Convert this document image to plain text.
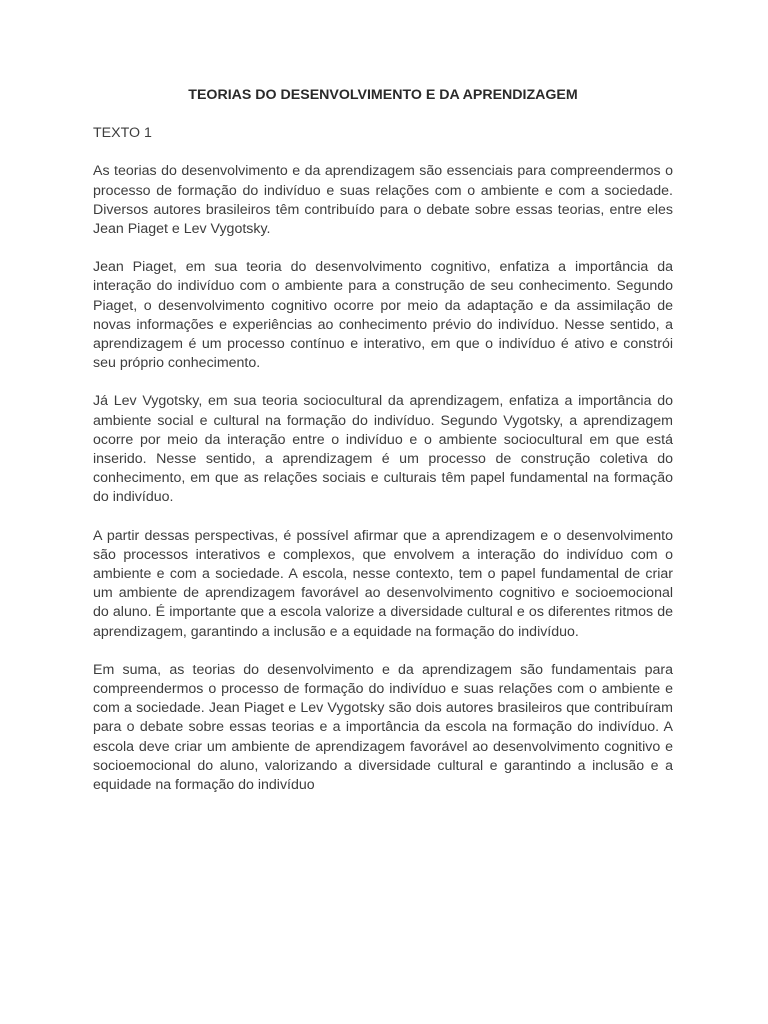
TEORIAS DO DESENVOLVIMENTO E DA APRENDIZAGEM

TEXTO 1

As teorias do desenvolvimento e da aprendizagem são essenciais para compreendermos o processo de formação do indivíduo e suas relações com o ambiente e com a sociedade. Diversos autores brasileiros têm contribuído para o debate sobre essas teorias, entre eles Jean Piaget e Lev Vygotsky.

Jean Piaget, em sua teoria do desenvolvimento cognitivo, enfatiza a importância da interação do indivíduo com o ambiente para a construção de seu conhecimento. Segundo Piaget, o desenvolvimento cognitivo ocorre por meio da adaptação e da assimilação de novas informações e experiências ao conhecimento prévio do indivíduo. Nesse sentido, a aprendizagem é um processo contínuo e interativo, em que o indivíduo é ativo e constrói seu próprio conhecimento.

Já Lev Vygotsky, em sua teoria sociocultural da aprendizagem, enfatiza a importância do ambiente social e cultural na formação do indivíduo. Segundo Vygotsky, a aprendizagem ocorre por meio da interação entre o indivíduo e o ambiente sociocultural em que está inserido. Nesse sentido, a aprendizagem é um processo de construção coletiva do conhecimento, em que as relações sociais e culturais têm papel fundamental na formação do indivíduo.

A partir dessas perspectivas, é possível afirmar que a aprendizagem e o desenvolvimento são processos interativos e complexos, que envolvem a interação do indivíduo com o ambiente e com a sociedade. A escola, nesse contexto, tem o papel fundamental de criar um ambiente de aprendizagem favorável ao desenvolvimento cognitivo e socioemocional do aluno. É importante que a escola valorize a diversidade cultural e os diferentes ritmos de aprendizagem, garantindo a inclusão e a equidade na formação do indivíduo.

Em suma, as teorias do desenvolvimento e da aprendizagem são fundamentais para compreendermos o processo de formação do indivíduo e suas relações com o ambiente e com a sociedade. Jean Piaget e Lev Vygotsky são dois autores brasileiros que contribuíram para o debate sobre essas teorias e a importância da escola na formação do indivíduo. A escola deve criar um ambiente de aprendizagem favorável ao desenvolvimento cognitivo e socioemocional do aluno, valorizando a diversidade cultural e garantindo a inclusão e a equidade na formação do indivíduo
